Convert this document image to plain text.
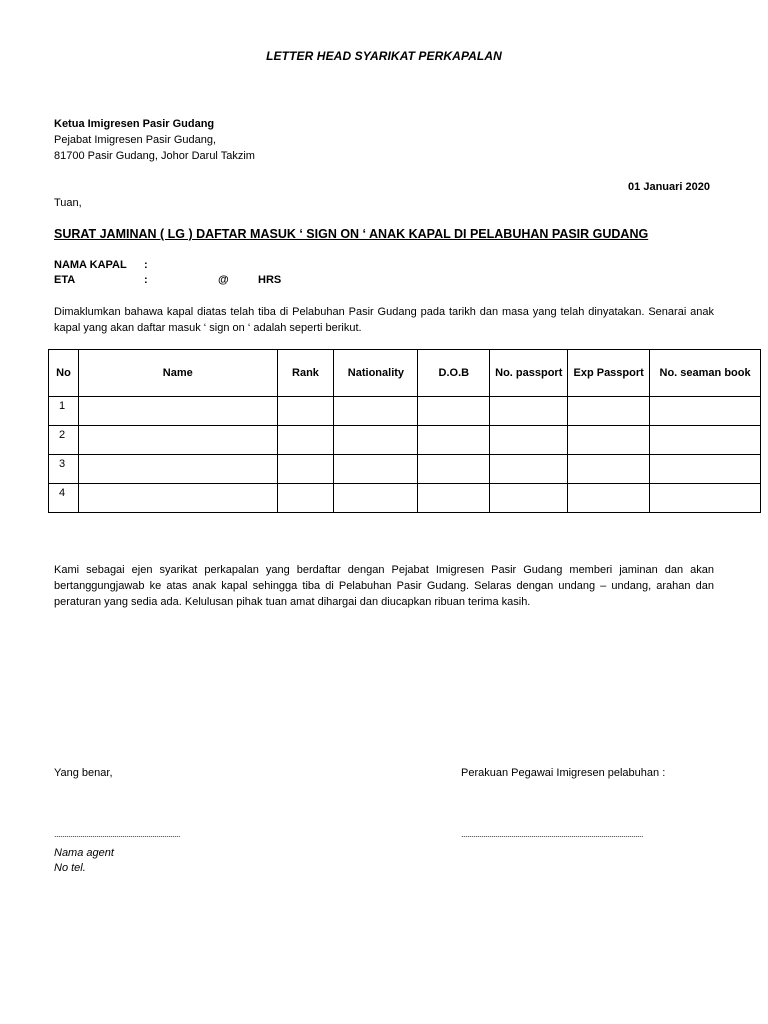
LETTER HEAD SYARIKAT PERKAPALAN
Ketua Imigresen Pasir Gudang
Pejabat Imigresen Pasir Gudang,
81700 Pasir Gudang, Johor Darul Takzim
01 Januari 2020
Tuan,
SURAT JAMINAN ( LG ) DAFTAR MASUK ‘ SIGN ON ‘ ANAK KAPAL DI PELABUHAN PASIR GUDANG
NAMA KAPAL :
ETA	:	@	HRS
Dimaklumkan bahawa kapal diatas telah tiba di Pelabuhan Pasir Gudang pada tarikh dan masa yang telah dinyatakan. Senarai anak kapal yang akan daftar masuk ‘ sign on ‘ adalah seperti berikut.
No	Name	Rank	Nationality	D.O.B	No. passport	Exp Passport	No. seaman book
1							
2							
3							
4							
Kami sebagai ejen syarikat perkapalan yang berdaftar dengan Pejabat Imigresen Pasir Gudang memberi jaminan dan akan bertanggungjawab ke atas anak kapal sehingga tiba di Pelabuhan Pasir Gudang. Selaras dengan undang – undang, arahan dan peraturan yang sedia ada. Kelulusan pihak tuan amat dihargai dan diucapkan ribuan terima kasih.
Yang benar,	Perakuan Pegawai Imigresen pelabuhan :
...............................................................	...........................................................................................
Nama agent
No tel.
